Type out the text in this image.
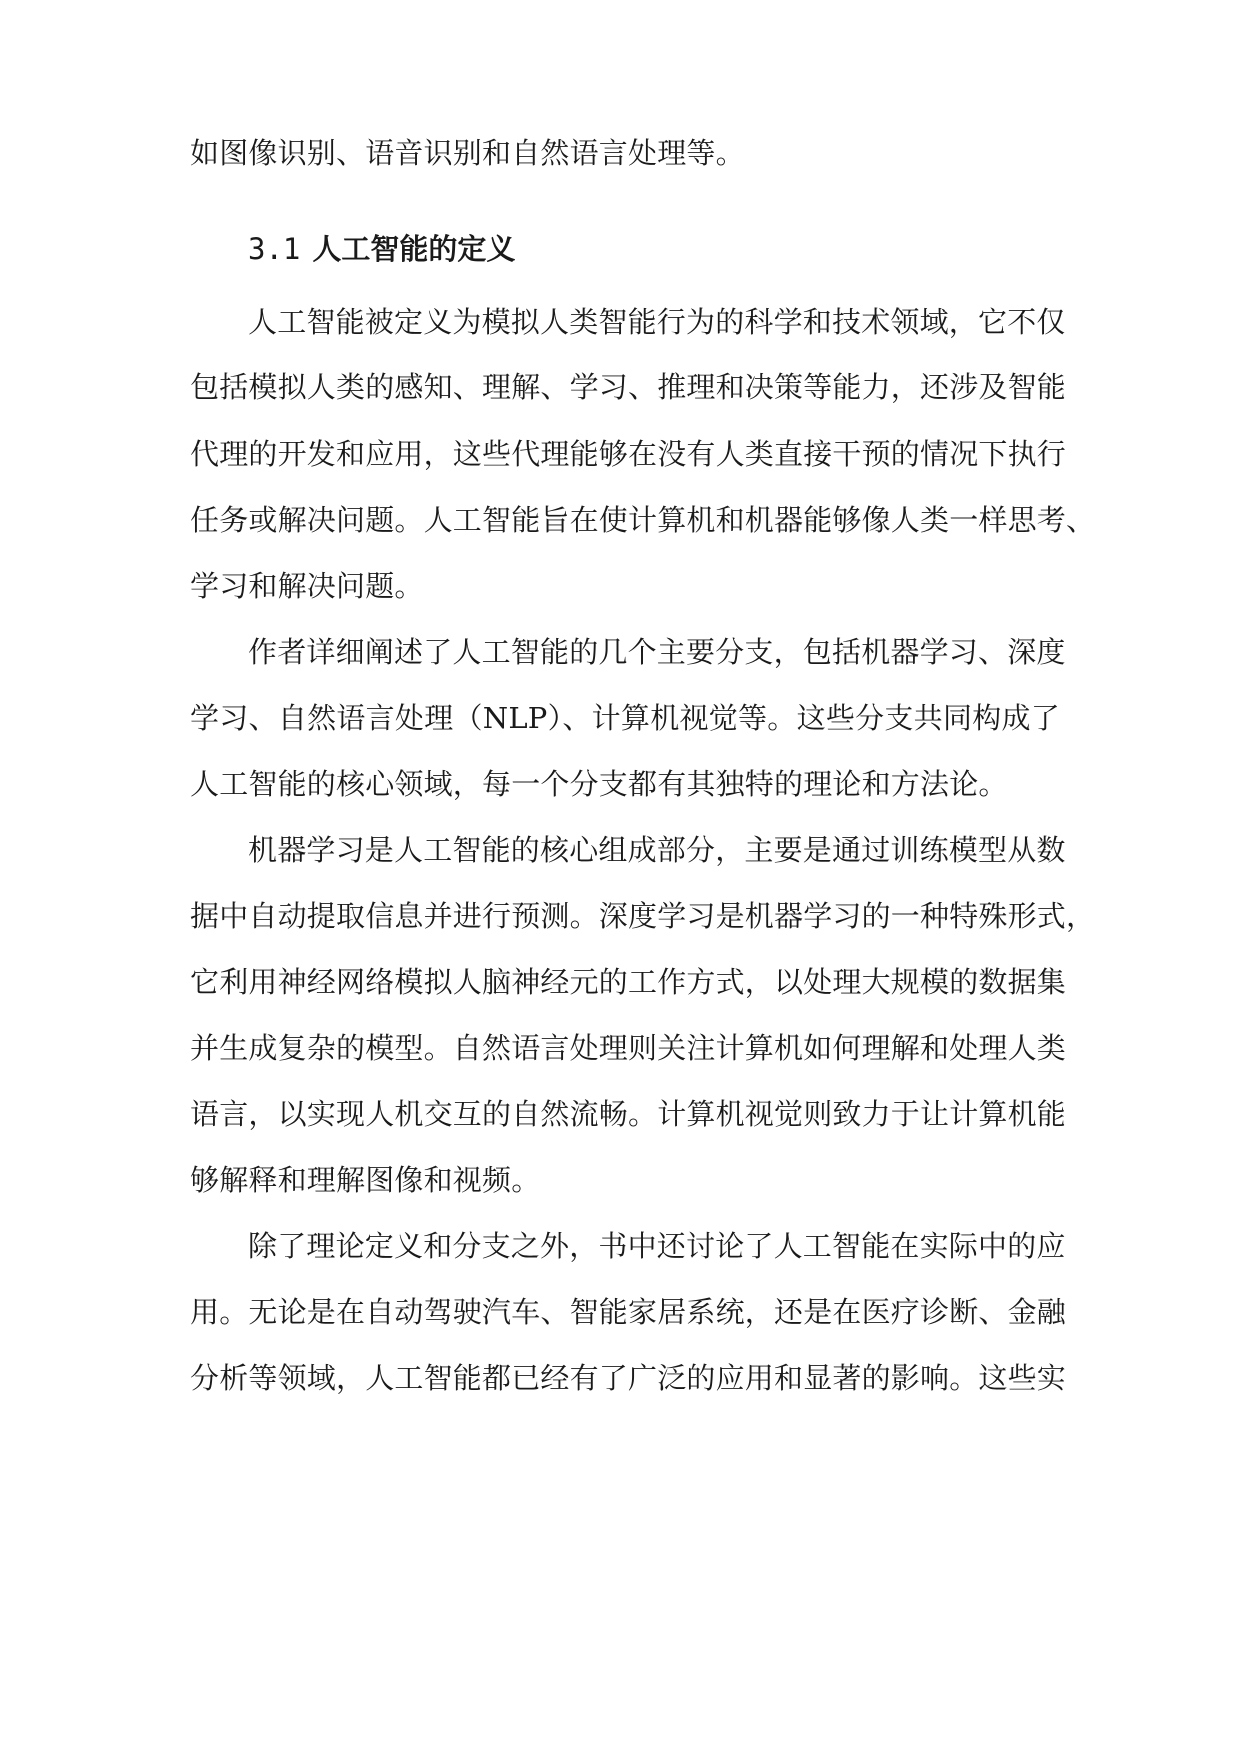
如图像识别、语音识别和自然语言处理等。
3.1 人工智能的定义
人工智能被定义为模拟人类智能行为的科学和技术领域，它不仅
包括模拟人类的感知、理解、学习、推理和决策等能力，还涉及智能
代理的开发和应用，这些代理能够在没有人类直接干预的情况下执行
任务或解决问题。人工智能旨在使计算机和机器能够像人类一样思考、
学习和解决问题。
作者详细阐述了人工智能的几个主要分支，包括机器学习、深度
学习、自然语言处理（NLP）、计算机视觉等。这些分支共同构成了
人工智能的核心领域，每一个分支都有其独特的理论和方法论。
机器学习是人工智能的核心组成部分，主要是通过训练模型从数
据中自动提取信息并进行预测。深度学习是机器学习的一种特殊形式，
它利用神经网络模拟人脑神经元的工作方式，以处理大规模的数据集
并生成复杂的模型。自然语言处理则关注计算机如何理解和处理人类
语言，以实现人机交互的自然流畅。计算机视觉则致力于让计算机能
够解释和理解图像和视频。
除了理论定义和分支之外，书中还讨论了人工智能在实际中的应
用。无论是在自动驾驶汽车、智能家居系统，还是在医疗诊断、金融
分析等领域，人工智能都已经有了广泛的应用和显著的影响。这些实
